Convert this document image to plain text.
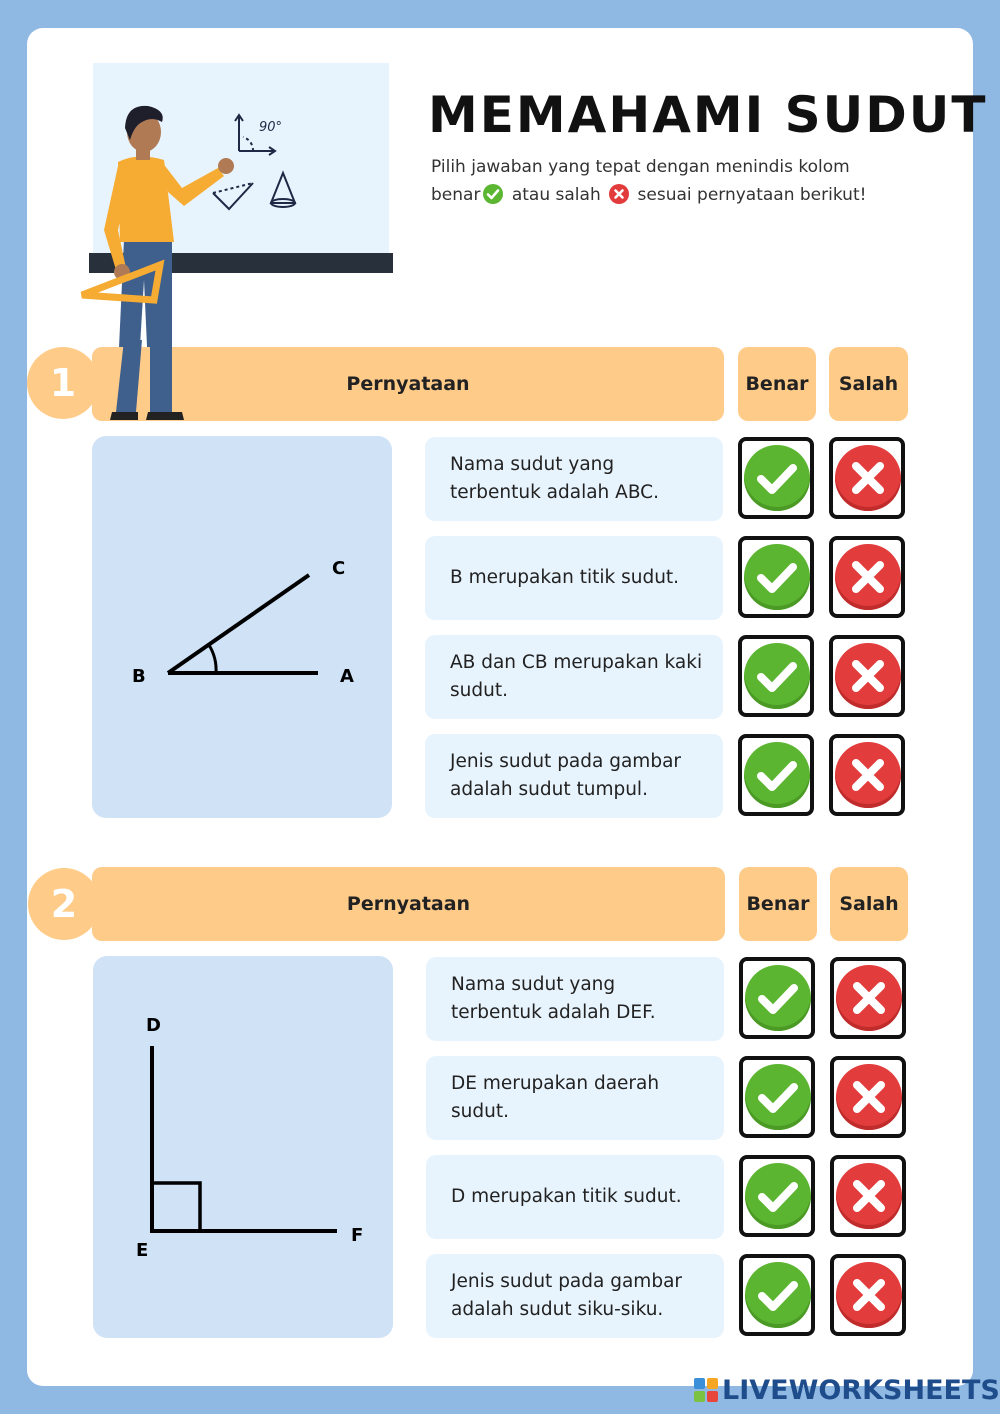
90°	MEMAHAMI SUDUT
Pilih jawaban yang tepat dengan menindis kolom
benar atau salah sesuai pernyataan berikut!
1	Pernyataan	Benar	Salah
C
B	A
Nama sudut yang
terbentuk adalah ABC.
B merupakan titik sudut.
AB dan CB merupakan kaki
sudut.
Jenis sudut pada gambar
adalah sudut tumpul.
2	Pernyataan	Benar	Salah
D
E
F
Nama sudut yang
terbentuk adalah DEF.
DE merupakan daerah
sudut.
D merupakan titik sudut.
Jenis sudut pada gambar
adalah sudut siku-siku.
LIVEWORKSHEETS
